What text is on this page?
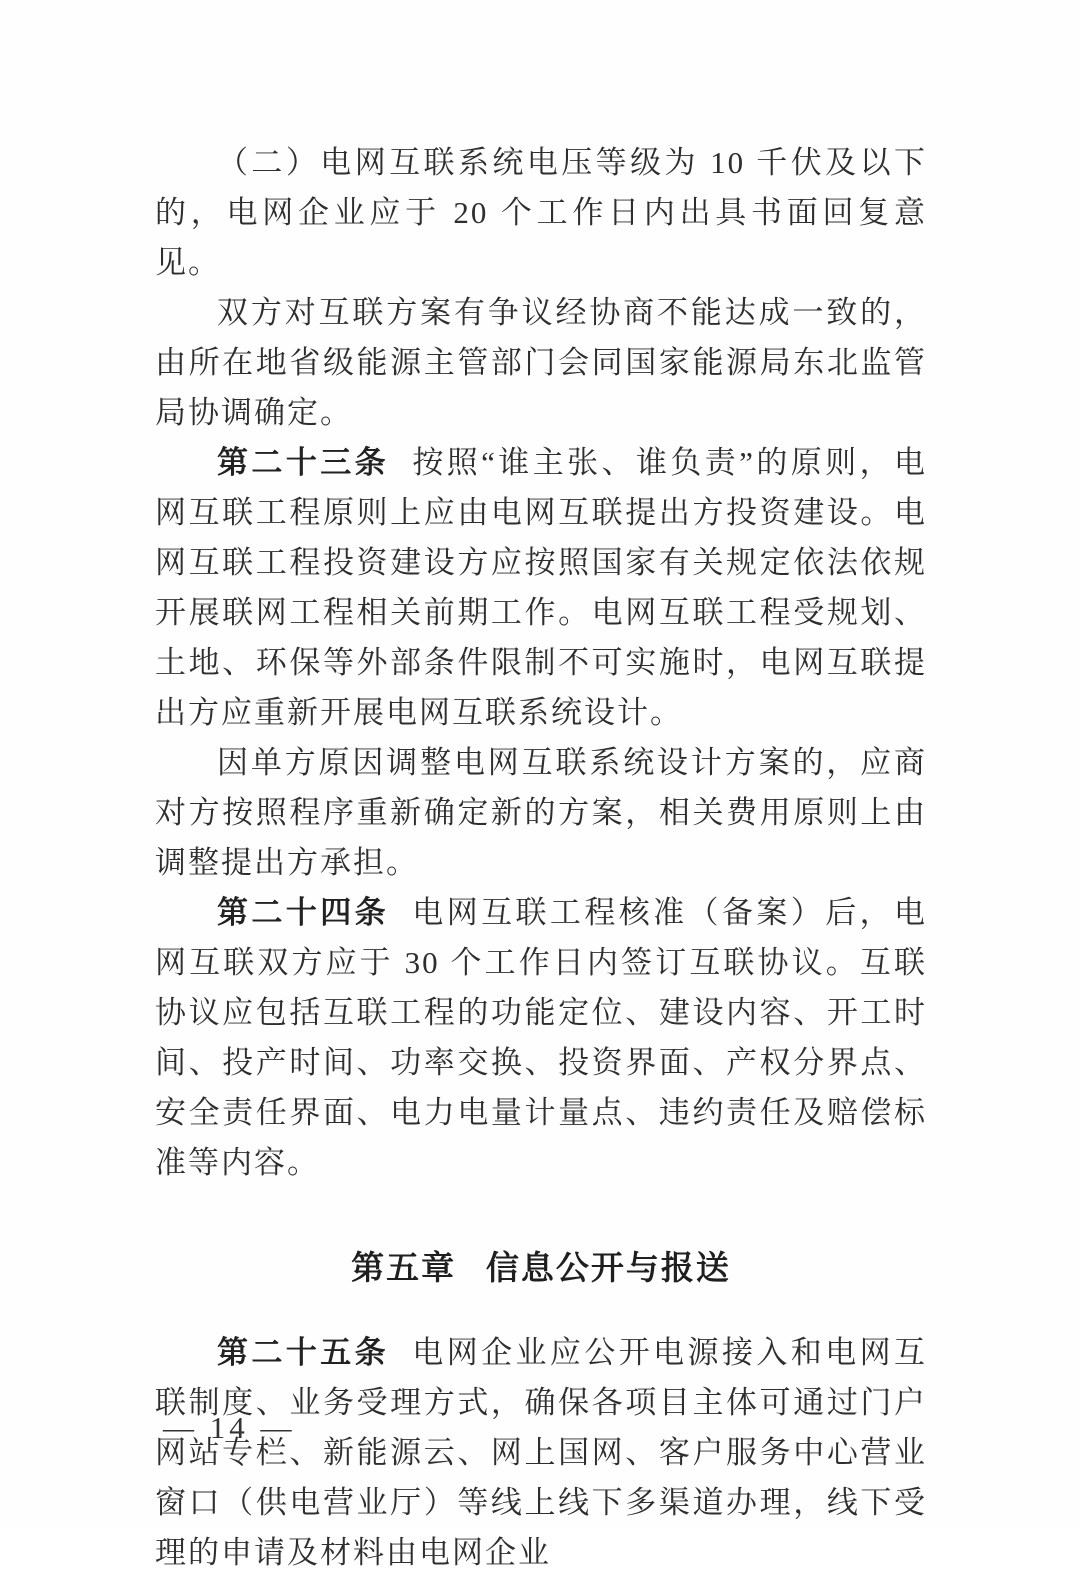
（二）电网互联系统电压等级为 10 千伏及以下的，电网企业应于 20 个工作日内出具书面回复意见。

双方对互联方案有争议经协商不能达成一致的，由所在地省级能源主管部门会同国家能源局东北监管局协调确定。

第二十三条 按照“谁主张、谁负责”的原则，电网互联工程原则上应由电网互联提出方投资建设。电网互联工程投资建设方应按照国家有关规定依法依规开展联网工程相关前期工作。电网互联工程受规划、土地、环保等外部条件限制不可实施时，电网互联提出方应重新开展电网互联系统设计。

因单方原因调整电网互联系统设计方案的，应商对方按照程序重新确定新的方案，相关费用原则上由调整提出方承担。

第二十四条 电网互联工程核准（备案）后，电网互联双方应于 30 个工作日内签订互联协议。互联协议应包括互联工程的功能定位、建设内容、开工时间、投产时间、功率交换、投资界面、产权分界点、安全责任界面、电力电量计量点、违约责任及赔偿标准等内容。

第五章 信息公开与报送

第二十五条 电网企业应公开电源接入和电网互联制度、业务受理方式，确保各项目主体可通过门户网站专栏、新能源云、网上国网、客户服务中心营业窗口（供电营业厅）等线上线下多渠道办理，线下受理的申请及材料由电网企业

— 14 —
